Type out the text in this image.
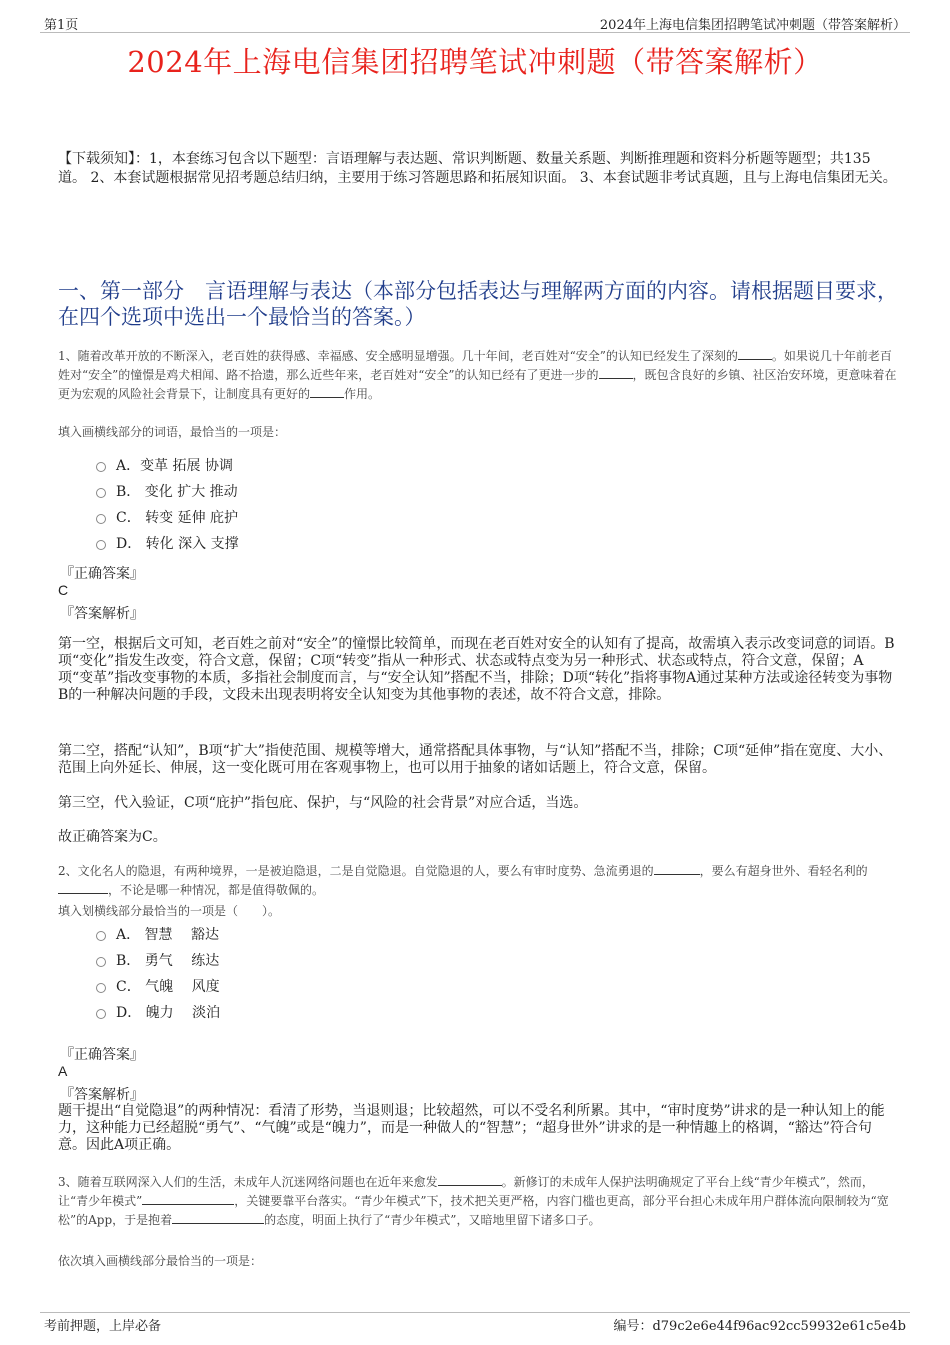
第1页	2024年上海电信集团招聘笔试冲刺题（带答案解析）
2024年上海电信集团招聘笔试冲刺题（带答案解析）
【下载须知】：1，本套练习包含以下题型：言语理解与表达题、常识判断题、数量关系题、判断推理题和资料分析题等题型；共135道。 2、本套试题根据常见招考题总结归纳，主要用于练习答题思路和拓展知识面。 3、本套试题非考试真题，且与上海电信集团无关。
一、第一部分　言语理解与表达（本部分包括表达与理解两方面的内容。请根据题目要求，在四个选项中选出一个最恰当的答案。）
1、随着改革开放的不断深入，老百姓的获得感、幸福感、安全感明显增强。几十年间，老百姓对“安全”的认知已经发生了深刻的	。如果说几十年前老百姓对“安全”的憧憬是鸡犬相闻、路不拾遗，那么近些年来，老百姓对“安全”的认知已经有了更进一步的	，既包含良好的乡镇、社区治安环境，更意味着在更为宏观的风险社会背景下，让制度具有更好的	作用。
填入画横线部分的词语，最恰当的一项是：
A．变革 拓展 协调
B． 变化 扩大 推动
C． 转变 延伸 庇护
D． 转化 深入 支撑
『正确答案』
C
『答案解析』
第一空，根据后文可知，老百姓之前对“安全”的憧憬比较简单，而现在老百姓对安全的认知有了提高，故需填入表示改变词意的词语。B项“变化”指发生改变，符合文意，保留；C项“转变”指从一种形式、状态或特点变为另一种形式、状态或特点，符合文意，保留；A项“变革”指改变事物的本质，多指社会制度而言，与“安全认知”搭配不当，排除；D项“转化”指将事物A通过某种方法或途径转变为事物B的一种解决问题的手段，文段未出现表明将安全认知变为其他事物的表述，故不符合文意，排除。
第二空，搭配“认知”，B项“扩大”指使范围、规模等增大，通常搭配具体事物，与“认知”搭配不当，排除；C项“延伸”指在宽度、大小、范围上向外延长、伸展，这一变化既可用在客观事物上，也可以用于抽象的诸如话题上，符合文意，保留。
第三空，代入验证，C项“庇护”指包庇、保护，与“风险的社会背景”对应合适，当选。
故正确答案为C。
2、文化名人的隐退，有两种境界，一是被迫隐退，二是自觉隐退。自觉隐退的人，要么有审时度势、急流勇退的	，要么有超身世外、看轻名利的，不论是哪一种情况，都是值得敬佩的。
填入划横线部分最恰当的一项是（　　）。
A． 智慧　 豁达
B． 勇气　 练达
C． 气魄　 风度
D． 魄力　 淡泊
『正确答案』
A
『答案解析』
题干提出“自觉隐退”的两种情况：看清了形势，当退则退；比较超然，可以不受名利所累。其中，“审时度势”讲求的是一种认知上的能力，这种能力已经超脱“勇气”、“气魄”或是“魄力”，而是一种做人的“智慧”；“超身世外”讲求的是一种情趣上的格调，“豁达”符合句意。因此A项正确。
3、随着互联网深入人们的生活，未成年人沉迷网络问题也在近年来愈发	。新修订的未成年人保护法明确规定了平台上线“青少年模式”，然而，让“青少年模式”	，关键要靠平台落实。“青少年模式”下，技术把关更严格，内容门槛也更高，部分平台担心未成年用户群体流向限制较为“宽松”的App，于是抱着	的态度，明面上执行了“青少年模式”，又暗地里留下诸多口子。
依次填入画横线部分最恰当的一项是：
考前押题，上岸必备	编号：d79c2e6e44f96ac92cc59932e61c5e4b
